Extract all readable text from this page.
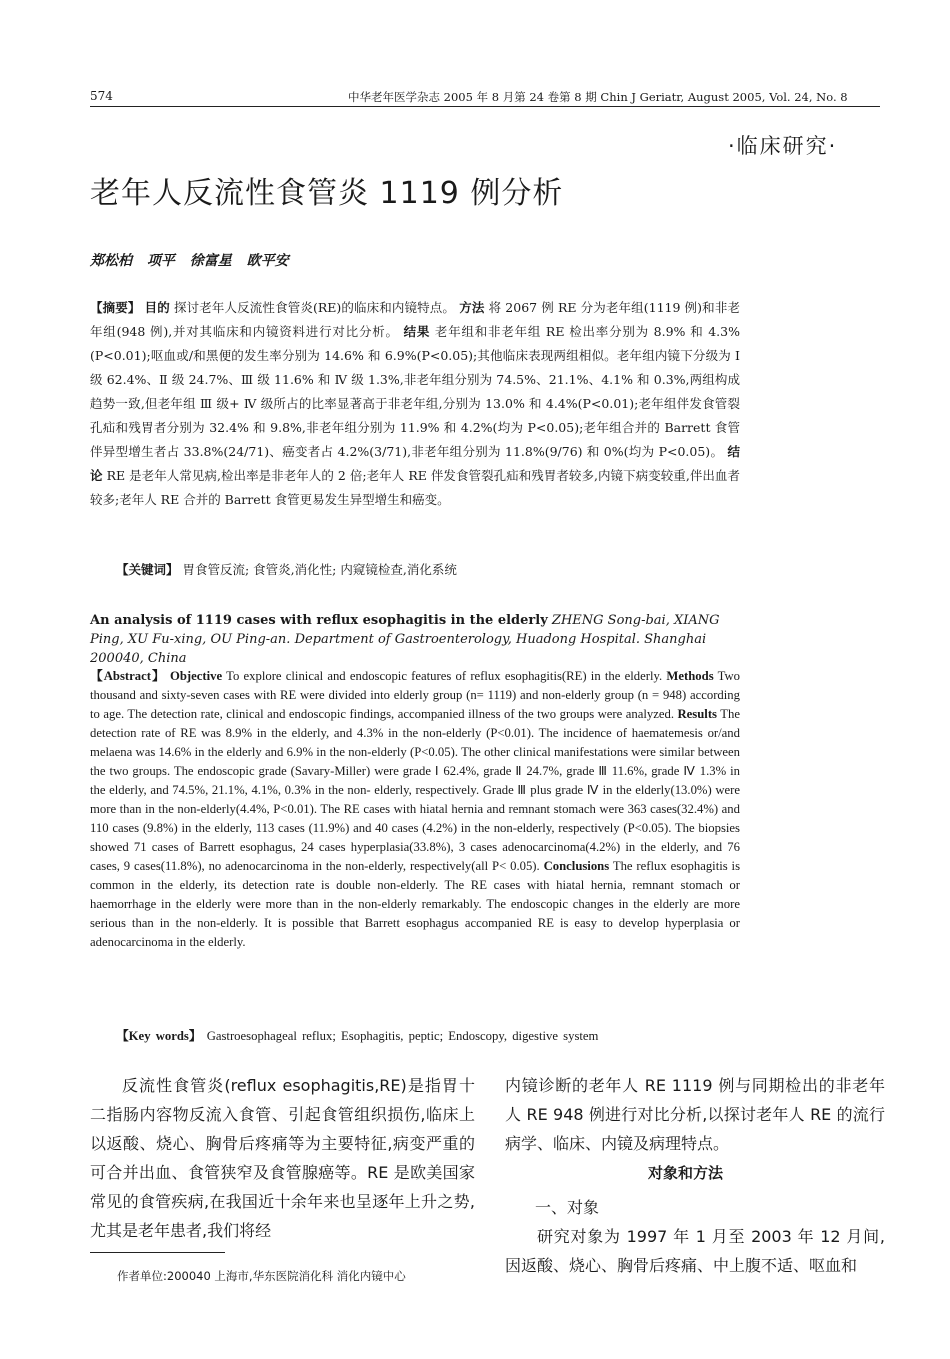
574	中华老年医学杂志 2005 年 8 月第 24 卷第 8 期 Chin J Geriatr, August 2005, Vol. 24, No. 8
·临床研究·
老年人反流性食管炎 1119 例分析
郑松柏 项平 徐富星 欧平安
【摘要】 目的 探讨老年人反流性食管炎(RE)的临床和内镜特点。 方法 将 2067 例 RE 分为老年组(1119 例)和非老年组(948 例),并对其临床和内镜资料进行对比分析。 结果 老年组和非老年组 RE 检出率分别为 8.9% 和 4.3%(P<0.01);呕血或/和黑便的发生率分别为 14.6% 和 6.9%(P<0.05);其他临床表现两组相似。老年组内镜下分级为 Ⅰ 级 62.4%、Ⅱ 级 24.7%、Ⅲ 级 11.6% 和 Ⅳ 级 1.3%,非老年组分别为 74.5%、21.1%、4.1% 和 0.3%,两组构成趋势一致,但老年组 Ⅲ 级+ Ⅳ 级所占的比率显著高于非老年组,分别为 13.0% 和 4.4%(P<0.01);老年组伴发食管裂孔疝和残胃者分别为 32.4% 和 9.8%,非老年组分别为 11.9% 和 4.2%(均为 P<0.05);老年组合并的 Barrett 食管伴异型增生者占 33.8%(24/71)、癌变者占 4.2%(3/71),非老年组分别为 11.8%(9/76) 和 0%(均为 P<0.05)。 结论 RE 是老年人常见病,检出率是非老年人的 2 倍;老年人 RE 伴发食管裂孔疝和残胃者较多,内镜下病变较重,伴出血者较多;老年人 RE 合并的 Barrett 食管更易发生异型增生和癌变。
【关键词】 胃食管反流; 食管炎,消化性; 内窥镜检查,消化系统
An analysis of 1119 cases with reflux esophagitis in the elderly ZHENG Song-bai, XIANG Ping, XU Fu-xing, OU Ping-an. Department of Gastroenterology, Huadong Hospital. Shanghai 200040, China
【Abstract】 Objective To explore clinical and endoscopic features of reflux esophagitis(RE) in the elderly. Methods Two thousand and sixty-seven cases with RE were divided into elderly group (n= 1119) and non-elderly group (n = 948) according to age. The detection rate, clinical and endoscopic findings, accompanied illness of the two groups were analyzed. Results The detection rate of RE was 8.9% in the elderly, and 4.3% in the non-elderly (P<0.01). The incidence of haematemesis or/and melaena was 14.6% in the elderly and 6.9% in the non-elderly (P<0.05). The other clinical manifestations were similar between the two groups. The endoscopic grade (Savary-Miller) were grade Ⅰ 62.4%, grade Ⅱ 24.7%, grade Ⅲ 11.6%, grade Ⅳ 1.3% in the elderly, and 74.5%, 21.1%, 4.1%, 0.3% in the non- elderly, respectively. Grade Ⅲ plus grade Ⅳ in the elderly(13.0%) were more than in the non-elderly(4.4%, P<0.01). The RE cases with hiatal hernia and remnant stomach were 363 cases(32.4%) and 110 cases (9.8%) in the elderly, 113 cases (11.9%) and 40 cases (4.2%) in the non-elderly, respectively (P<0.05). The biopsies showed 71 cases of Barrett esophagus, 24 cases hyperplasia(33.8%), 3 cases adenocarcinoma(4.2%) in the elderly, and 76 cases, 9 cases(11.8%), no adenocarcinoma in the non-elderly, respectively(all P< 0.05). Conclusions The reflux esophagitis is common in the elderly, its detection rate is double non-elderly. The RE cases with hiatal hernia, remnant stomach or haemorrhage in the elderly were more than in the non-elderly remarkably. The endoscopic changes in the elderly are more serious than in the non-elderly. It is possible that Barrett esophagus accompanied RE is easy to develop hyperplasia or adenocarcinoma in the elderly.
【Key words】 Gastroesophageal reflux; Esophagitis, peptic; Endoscopy, digestive system
反流性食管炎(reflux esophagitis,RE)是指胃十二指肠内容物反流入食管、引起食管组织损伤,临床上以返酸、烧心、胸骨后疼痛等为主要特征,病变严重的可合并出血、食管狭窄及食管腺癌等。RE 是欧美国家常见的食管疾病,在我国近十余年来也呈逐年上升之势,尤其是老年患者,我们将经
内镜诊断的老年人 RE 1119 例与同期检出的非老年人 RE 948 例进行对比分析,以探讨老年人 RE 的流行病学、临床、内镜及病理特点。
对象和方法
一、对象
研究对象为 1997 年 1 月至 2003 年 12 月间,因返酸、烧心、胸骨后疼痛、中上腹不适、呕血和
作者单位:200040 上海市,华东医院消化科 消化内镜中心
